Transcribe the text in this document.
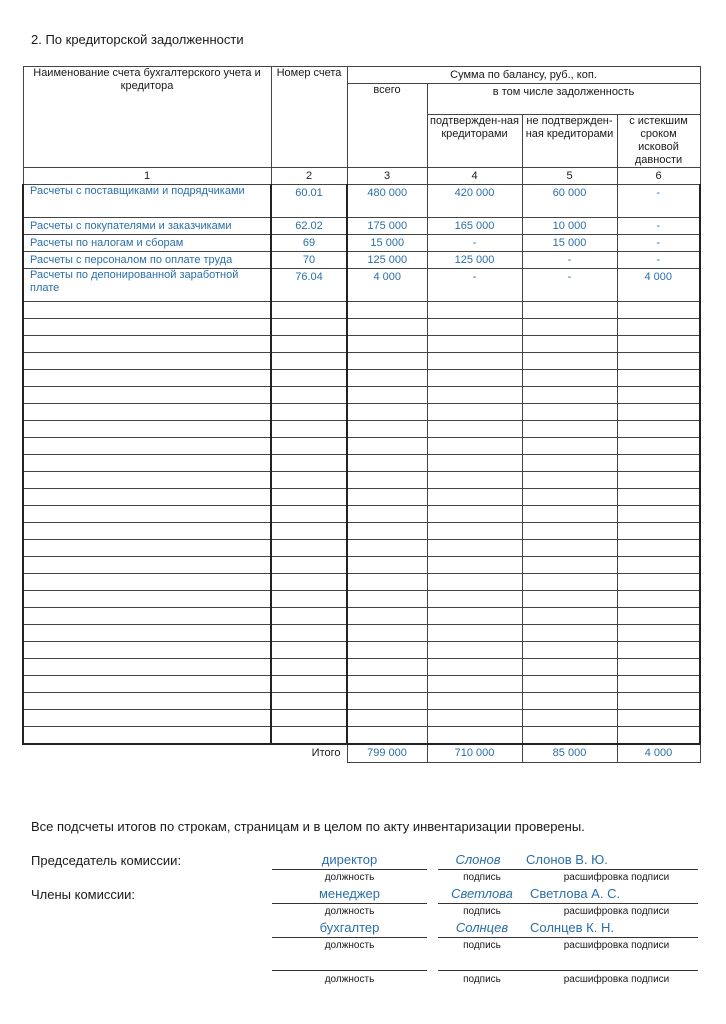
2. По кредиторской задолженности
Наименование счета бухгалтерского учета и кредитора	Номер счета	Сумма по балансу, руб., коп.			
		всего	в том числе задолженность		
			подтвержден-ная кредиторами	не подтвержден-ная кредиторами	с истекшим сроком исковой давности
1	2	3	4	5	6
Расчеты с поставщиками и подрядчиками	60.01	480 000	420 000	60 000	-
Расчеты с покупателями и заказчиками	62.02	175 000	165 000	10 000	-
Расчеты по налогам и сборам	69	15 000	-	15 000	-
Расчеты с персоналом по оплате труда	70	125 000	125 000	-	-
Расчеты по депонированной заработной плате	76.04	4 000	-	-	4 000

	Итого	799 000	710 000	85 000	4 000
Все подсчеты итогов по строкам, страницам и в целом по акту инвентаризации проверены.
Председатель комиссии:
Члены комиссии:
директор	Слонов	Слонов В. Ю.
должность	подпись	расшифровка подписи
менеджер	Светлова	Светлова А. С.
должность	подпись	расшифровка подписи
бухгалтер	Солнцев	Солнцев К. Н.
должность	подпись	расшифровка подписи
должность	подпись	расшифровка подписи
